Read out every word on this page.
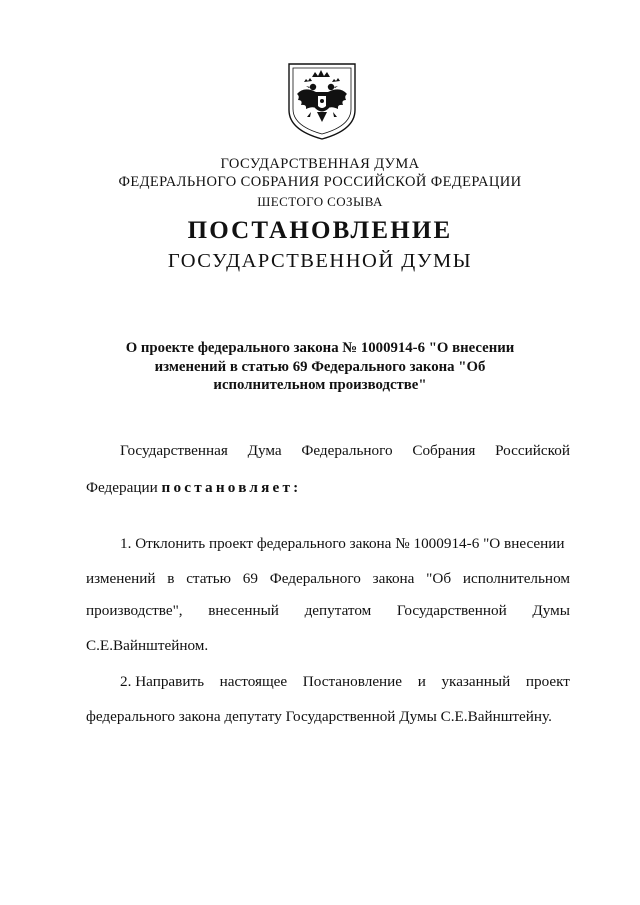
ГОСУДАРСТВЕННАЯ ДУМА
ФЕДЕРАЛЬНОГО СОБРАНИЯ РОССИЙСКОЙ ФЕДЕРАЦИИ
ШЕСТОГО СОЗЫВА
ПОСТАНОВЛЕНИЕ
ГОСУДАРСТВЕННОЙ ДУМЫ
О проекте федерального закона № 1000914-6 "О внесении
изменений в статью 69 Федерального закона "Об
исполнительном производстве"
Государственная Дума Федерального Собрания Российской
Федерации постановляет:
1. Отклонить проект федерального закона № 1000914-6 "О внесении
изменений в статью 69 Федерального закона "Об исполнительном
производстве", внесенный депутатом Государственной Думы
С.Е.Вайнштейном.
2. Направить настоящее Постановление и указанный проект
федерального закона депутату Государственной Думы С.Е.Вайнштейну.
